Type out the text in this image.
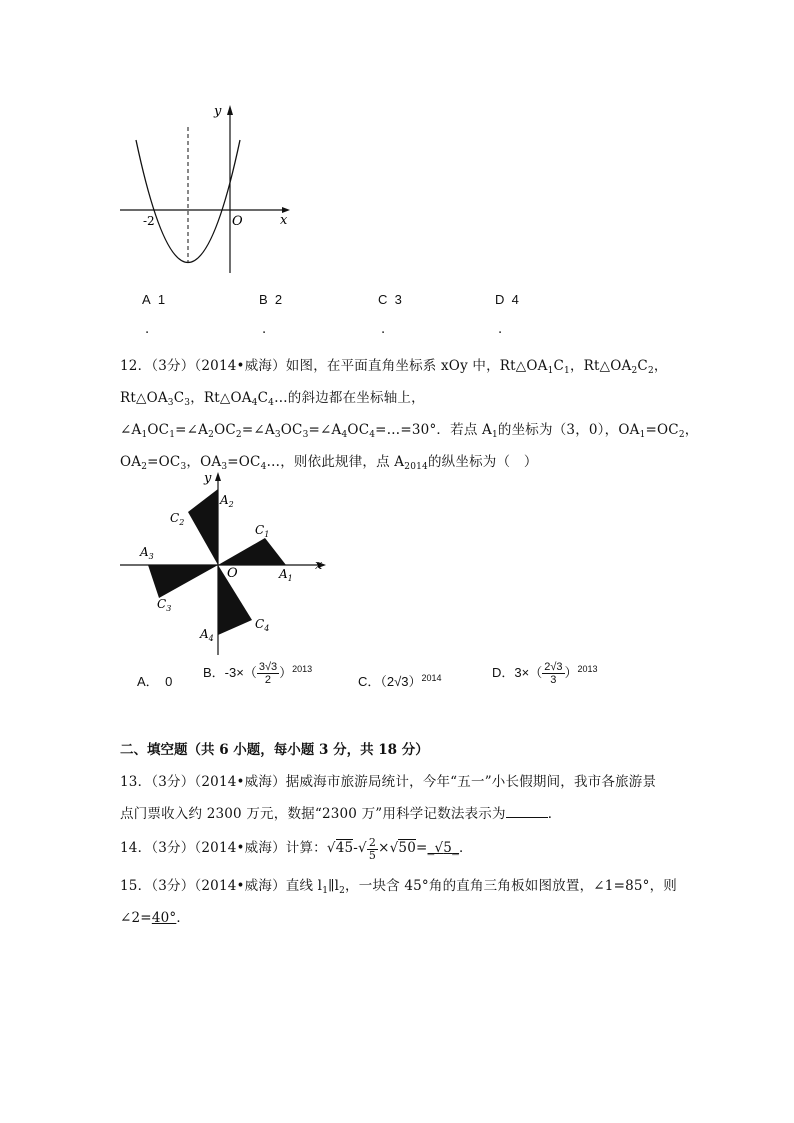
y
x
O
-2
A 1	B 2	C 3	D 4
.	.	.	.
12．（3分）（2014•威海）如图，在平面直角坐标系 xOy 中，$Rt\triangle OA_1C_1$，$Rt\triangle OA_2C_2$，
$Rt\triangle OA_3C_3$，$Rt\triangle OA_4C_4\dots$的斜边都在坐标轴上，
$\angle A_1OC_1=\angle A_2OC_2=\angle A_3OC_3=\angle A_4OC_4=\dots=30^\circ$．若点 $A_1$的坐标为（3，0），$OA_1=OC_2$，
$OA_2=OC_3$，$OA_3=OC_4\dots$，则依此规律，点 $A_{2014}$的纵坐标为（　）
y
x
O
$A_2$
$C_2$
$C_1$
$A_1$
$A_3$
$C_3$
$C_4$
$A_4$
A．　0
B．$-3\times( \frac{3√3}{2} )^{2013}$
C．$(2√3)^{2014}$	D．$3\times( \frac{2√3}{3} )^{2013}$
二、填空题（共 6 小题，每小题 3 分，共 18 分）
13．（3分）（2014•威海）据威海市旅游局统计，今年“五一”小长假期间，我市各旅游景
点门票收入约 2300 万元，数据“2300 万”用科学记数法表示为	．
14．（3分）（2014•威海）计算：$√45-√ \frac{2}{5}$ ×√50=_√5_．
15．（3分）（2014•威海）直线 $l_1\parallel l_2$，一块含 45°角的直角三角板如图放置，∠1=85°，则
∠2=40°．
